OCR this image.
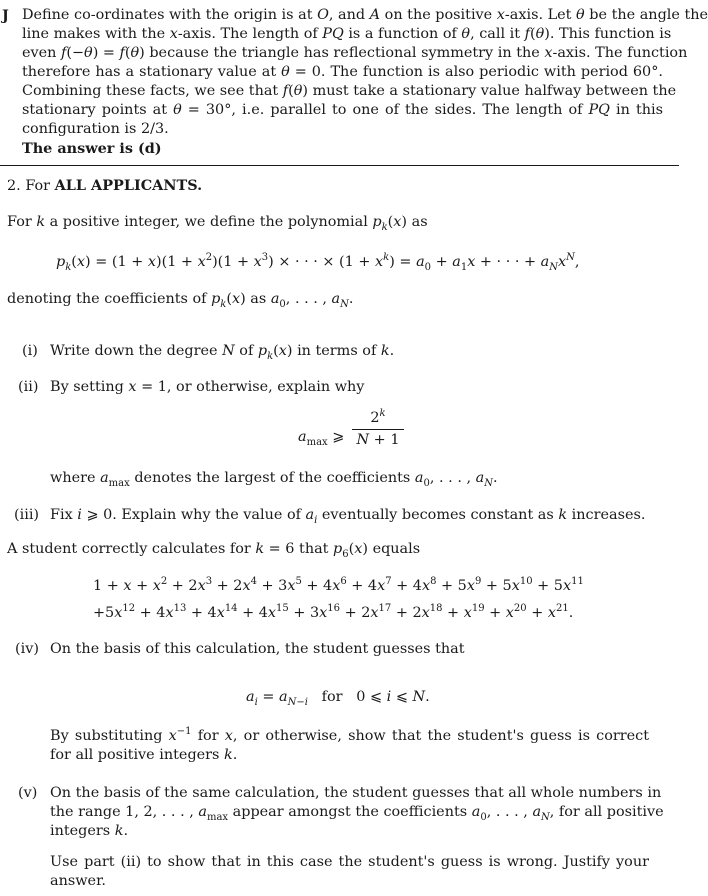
J Define co-ordinates with the origin is at O, and A on the positive x-axis. Let θ be the angle the
line makes with the x-axis. The length of PQ is a function of θ, call it f(θ). This function is
even f(−θ) = f(θ) because the triangle has reflectional symmetry in the x-axis. The function
therefore has a stationary value at θ = 0. The function is also periodic with period 60°.
Combining these facts, we see that f(θ) must take a stationary value halfway between the
stationary points at θ = 30°, i.e. parallel to one of the sides. The length of PQ in this
configuration is 2/3.
The answer is (d)
2. For ALL APPLICANTS.
For k a positive integer, we define the polynomial $p_k(x)$ as
$p_k(x) = (1 + x)(1 + x^2)(1 + x^3)$ × · · · × $(1 + x^k) = a_0 + a_1x$ + · · · + $a_Nx^N$,
denoting the coefficients of $p_k(x)$ as $a_0$, . . . , $a_N$.
(i) Write down the degree N of $p_k(x)$ in terms of k.
(ii) By setting x = 1, or otherwise, explain why
$a_{max}$ ⩾ $\frac{2^k}{N + 1}$
where $a_{max}$ denotes the largest of the coefficients $a_0$, . . . , $a_N$.
(iii) Fix i ⩾ 0. Explain why the value of $a_i$ eventually becomes constant as k increases.
A student correctly calculates for k = 6 that $p_6(x)$ equals
$1 + x + x^2 + 2x^3 + 2x^4 + 3x^5 + 4x^6 + 4x^7 + 4x^8 + 5x^9 + 5x^{10} + 5x^{11}$
$+5x^{12} + 4x^{13} + 4x^{14} + 4x^{15} + 3x^{16} + 2x^{17} + 2x^{18} + x^{19} + x^{20} + x^{21}$.
(iv) On the basis of this calculation, the student guesses that
$a_i = a_{N-i}$   for   0 ⩽ i ⩽ N.
By substituting $x^{-1}$ for x, or otherwise, show that the student's guess is correct
for all positive integers k.
(v) On the basis of the same calculation, the student guesses that all whole numbers in
the range 1, 2, . . . , $a_{max}$ appear amongst the coefficients $a_0$, . . . , $a_N$, for all positive
integers k.
Use part (ii) to show that in this case the student's guess is wrong. Justify your
answer.
